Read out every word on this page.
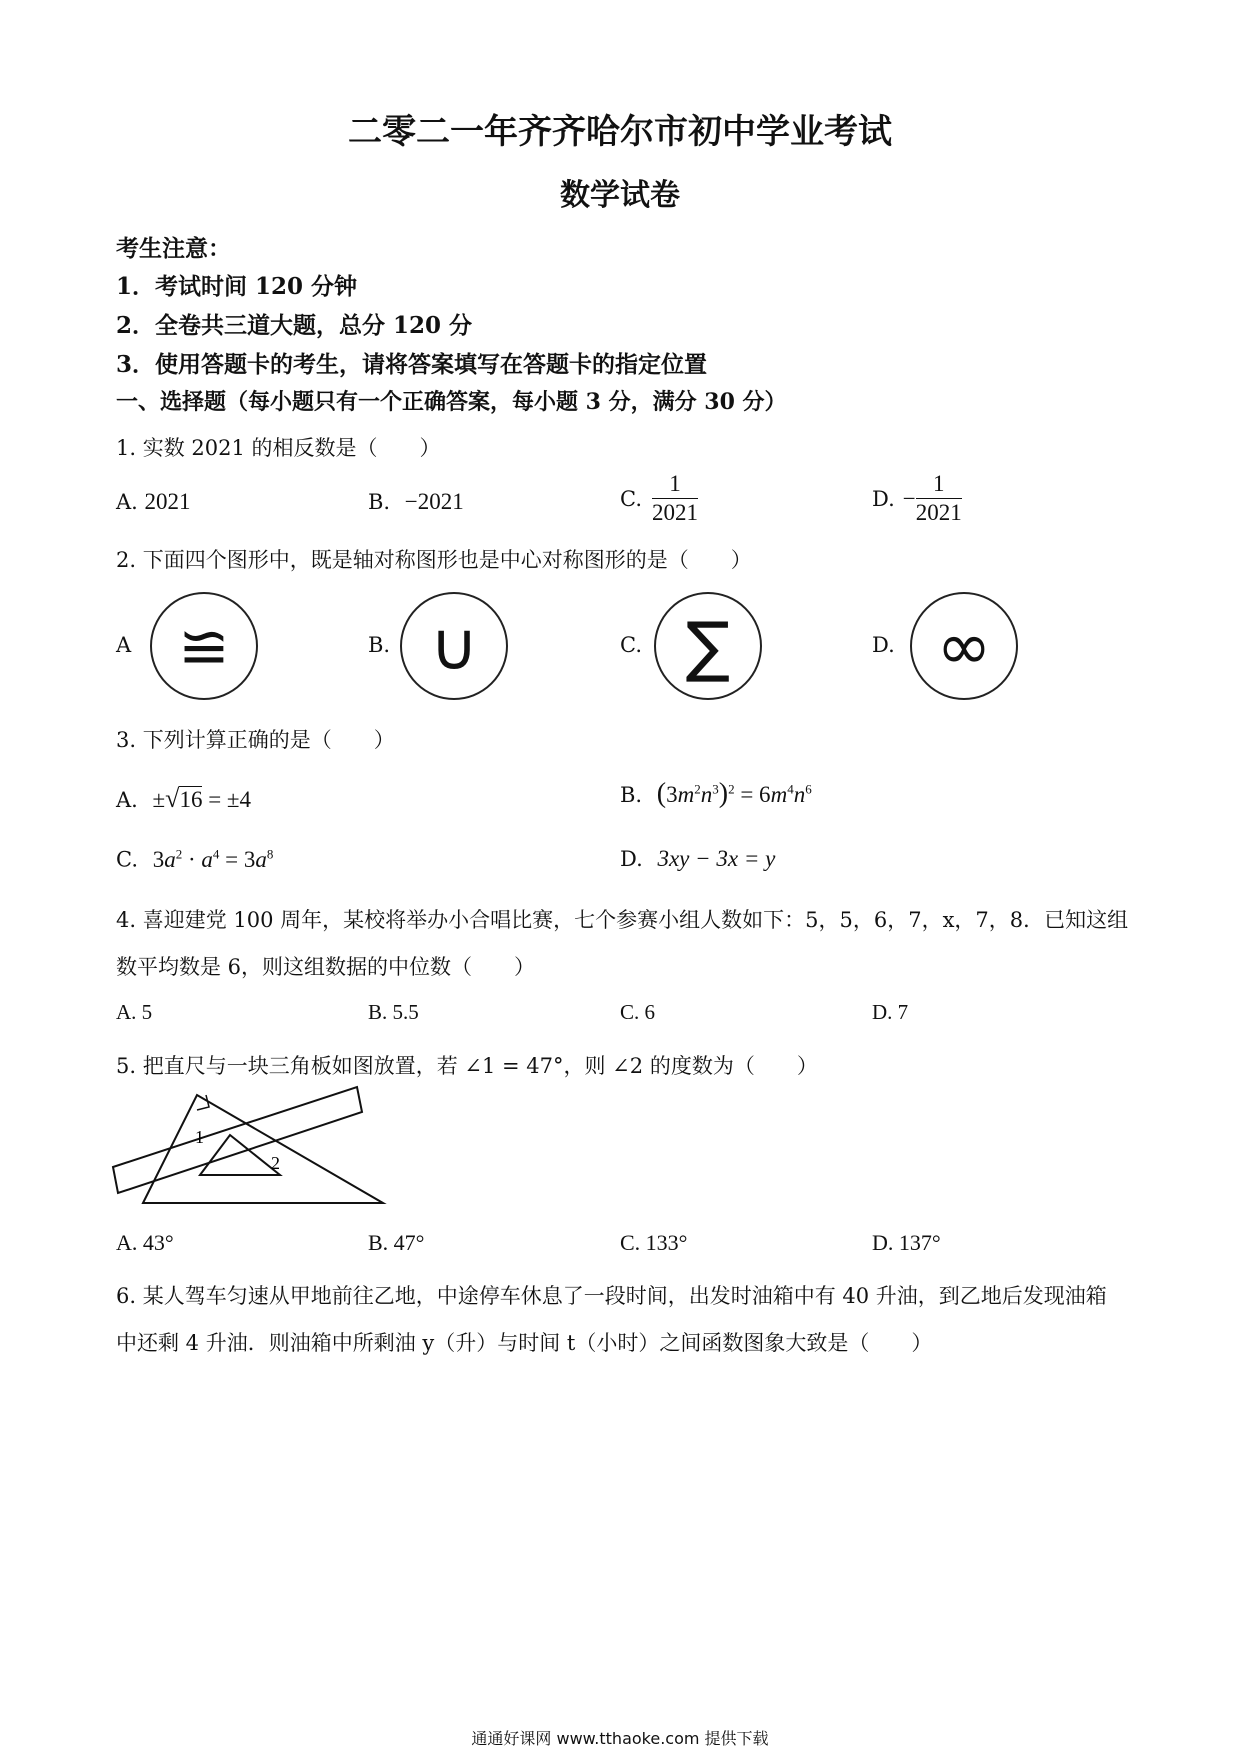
二零二一年齐齐哈尔市初中学业考试
数学试卷
考生注意：
1．考试时间 120 分钟
2．全卷共三道大题，总分 120 分
3．使用答题卡的考生，请将答案填写在答题卡的指定位置
一、选择题（每小题只有一个正确答案，每小题 3 分，满分 30 分）
1. 实数 2021 的相反数是（　　）
A. 2021	B. −2021	C. $\frac{1}{2021}$	D. − $\frac{1}{2021}$
2. 下面四个图形中，既是轴对称图形也是中心对称图形的是（　　）
A ≌	B. ∪	C. ∑	D. ∞
3. 下列计算正确的是（　　）
A. ±√16 = ±4	B. $(3m^2n^3)^2 = 6m^4n^6$
C. $3a^2 \cdot a^4 = 3a^8$	D. 3xy − 3x = y
4. 喜迎建党 100 周年，某校将举办小合唱比赛，七个参赛小组人数如下：5，5，6，7，x，7，8．已知这组
数平均数是 6，则这组数据的中位数（　　）
A. 5	B. 5.5	C. 6	D. 7
5. 把直尺与一块三角板如图放置，若 ∠1 = 47°，则 ∠2 的度数为（　　）
1
2
A. 43°	B. 47°	C. 133°	D. 137°
6. 某人驾车匀速从甲地前往乙地，中途停车休息了一段时间，出发时油箱中有 40 升油，到乙地后发现油箱
中还剩 4 升油．则油箱中所剩油 y（升）与时间 t（小时）之间函数图象大致是（　　）
通通好课网 www.tthaoke.com 提供下载
